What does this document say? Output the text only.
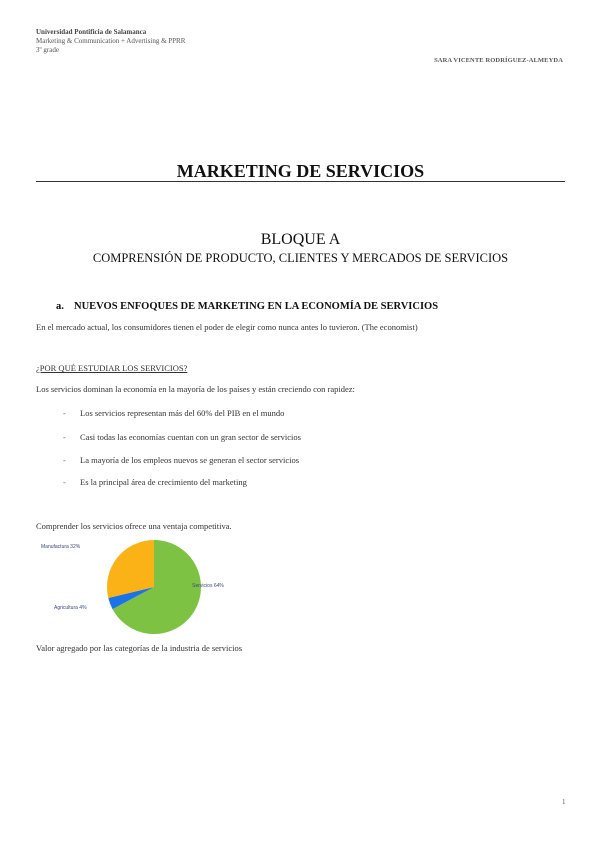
Universidad Pontificia de Salamanca
Marketing & Communication + Advertising & PPRR
3º grade
SARA VICENTE RODRÍGUEZ-ALMEYDA
MARKETING DE SERVICIOS
BLOQUE A
COMPRENSIÓN DE PRODUCTO, CLIENTES Y MERCADOS DE SERVICIOS
a. NUEVOS ENFOQUES DE MARKETING EN LA ECONOMÍA DE SERVICIOS
En el mercado actual, los consumidores tienen el poder de elegir como nunca antes lo tuvieron. (The economist)
¿POR QUÉ ESTUDIAR LOS SERVICIOS?
Los servicios dominan la economía en la mayoría de los países y están creciendo con rapidez:
- Los servicios representan más del 60% del PIB en el mundo
- Casi todas las economías cuentan con un gran sector de servicios
- La mayoría de los empleos nuevos se generan el sector servicios
- Es la principal área de crecimiento del marketing
Comprender los servicios ofrece una ventaja competitiva.
Manufactura 32%
Servicios 64%
Agricultura 4%
Valor agregado por las categorías de la industria de servicios
1
